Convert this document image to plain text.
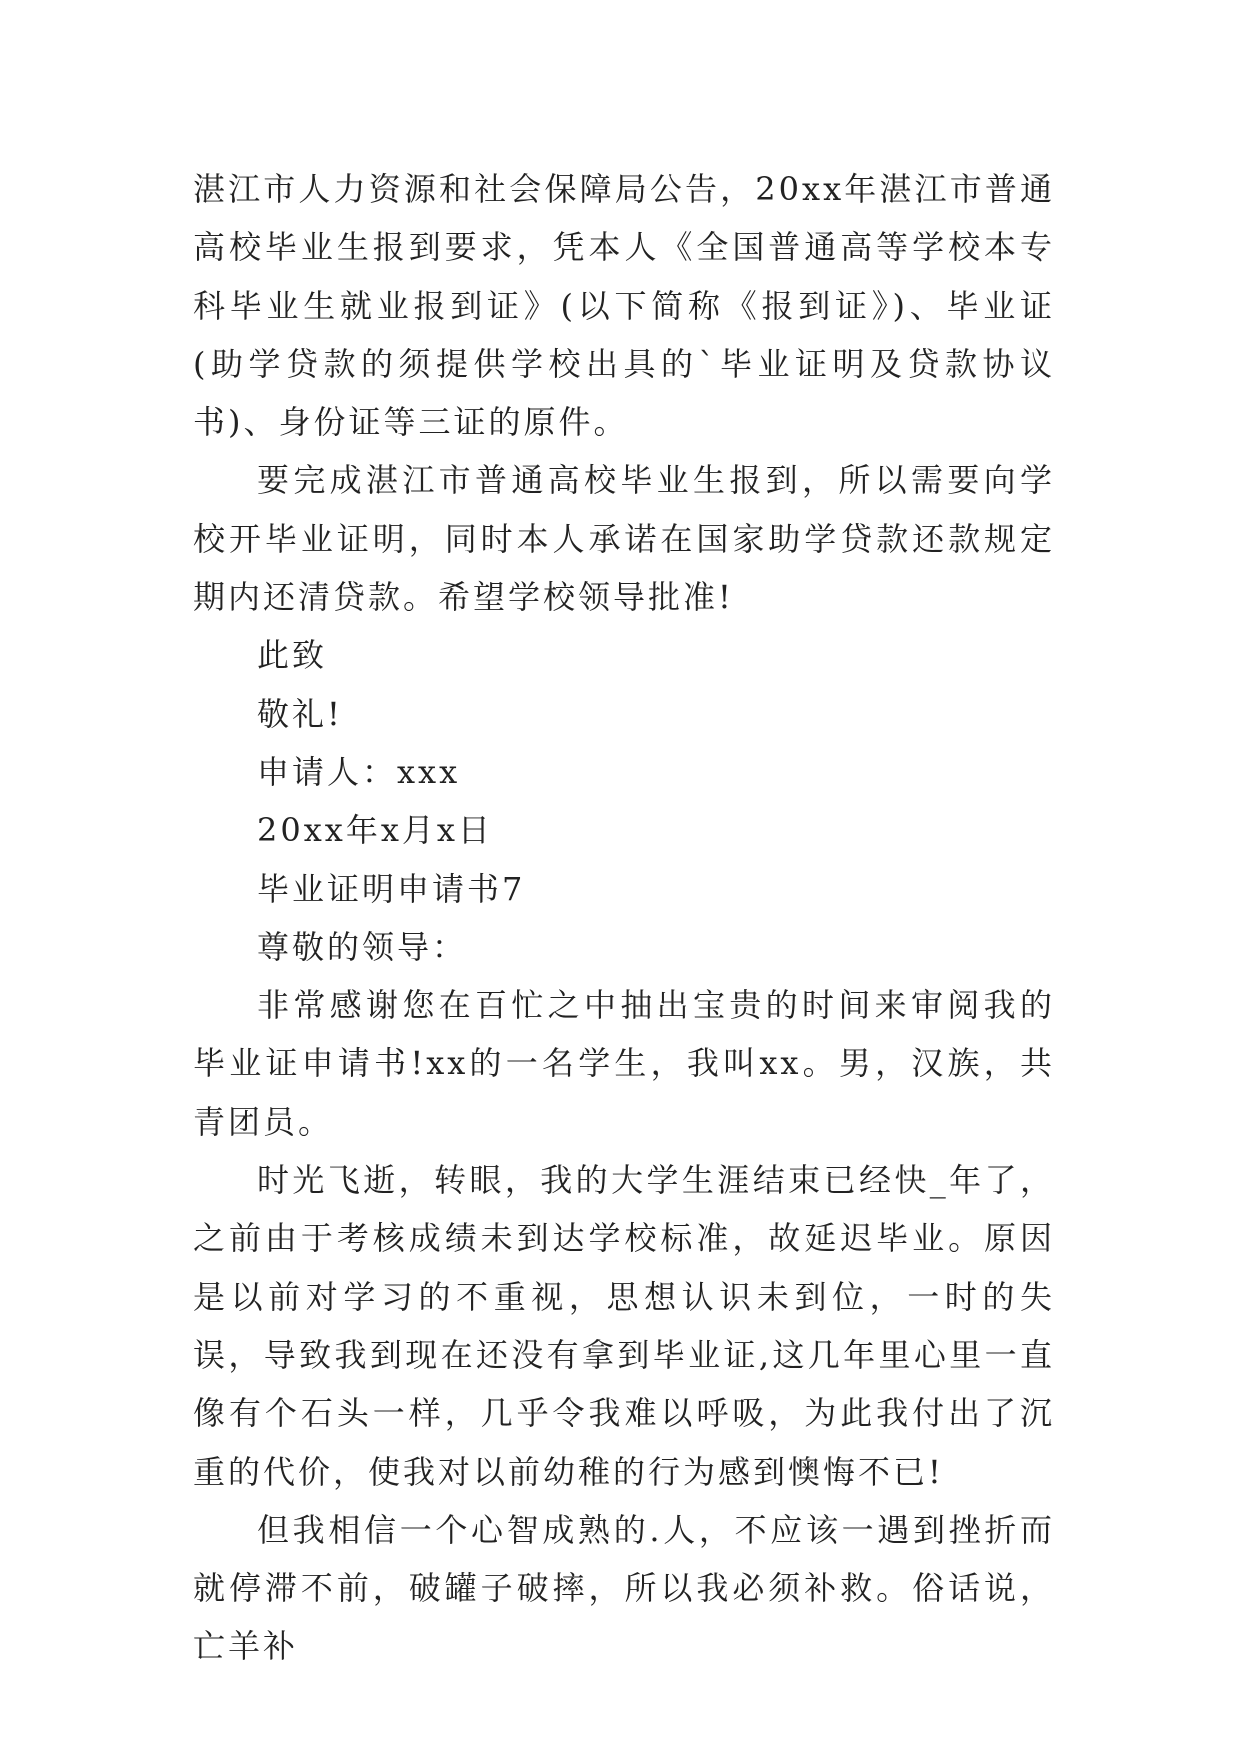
湛江市人力资源和社会保障局公告，20xx年湛江市普通高校毕业生报到要求，凭本人《全国普通高等学校本专科毕业生就业报到证》(以下简称《报到证》)、毕业证(助学贷款的须提供学校出具的`毕业证明及贷款协议书)、身份证等三证的原件。

要完成湛江市普通高校毕业生报到，所以需要向学校开毕业证明，同时本人承诺在国家助学贷款还款规定期内还清贷款。希望学校领导批准!

此致

敬礼!

申请人：xxx

20xx年x月x日

毕业证明申请书7

尊敬的领导：

非常感谢您在百忙之中抽出宝贵的时间来审阅我的毕业证申请书!xx的一名学生，我叫xx。男，汉族，共青团员。

时光飞逝，转眼，我的大学生涯结束已经快_年了，之前由于考核成绩未到达学校标准，故延迟毕业。原因是以前对学习的不重视，思想认识未到位，一时的失误，导致我到现在还没有拿到毕业证,这几年里心里一直像有个石头一样，几乎令我难以呼吸，为此我付出了沉重的代价，使我对以前幼稚的行为感到懊悔不已!

但我相信一个心智成熟的.人，不应该一遇到挫折而就停滞不前，破罐子破摔，所以我必须补救。俗话说，亡羊补
